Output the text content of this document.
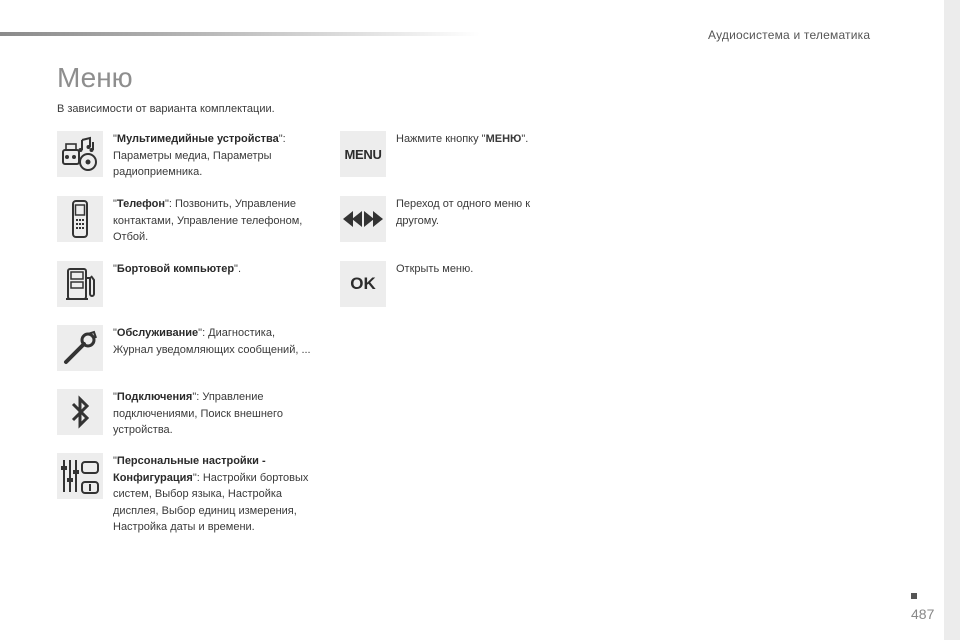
Аудиосистема и телематика
Меню
В зависимости от варианта комплектации.
"Мультимедийные устройства": Параметры медиа, Параметры радиоприемника.
"Телефон": Позвонить, Управление контактами, Управление телефоном, Отбой.
"Бортовой компьютер".
"Обслуживание": Диагностика, Журнал уведомляющих сообщений, ...
"Подключения": Управление подключениями, Поиск внешнего устройства.
"Персональные настройки - Конфигурация": Настройки бортовых систем, Выбор языка, Настройка дисплея, Выбор единиц измерения, Настройка даты и времени.
MENU
Нажмите кнопку "МЕНЮ".
Переход от одного меню к другому.
OK
Открыть меню.
487
